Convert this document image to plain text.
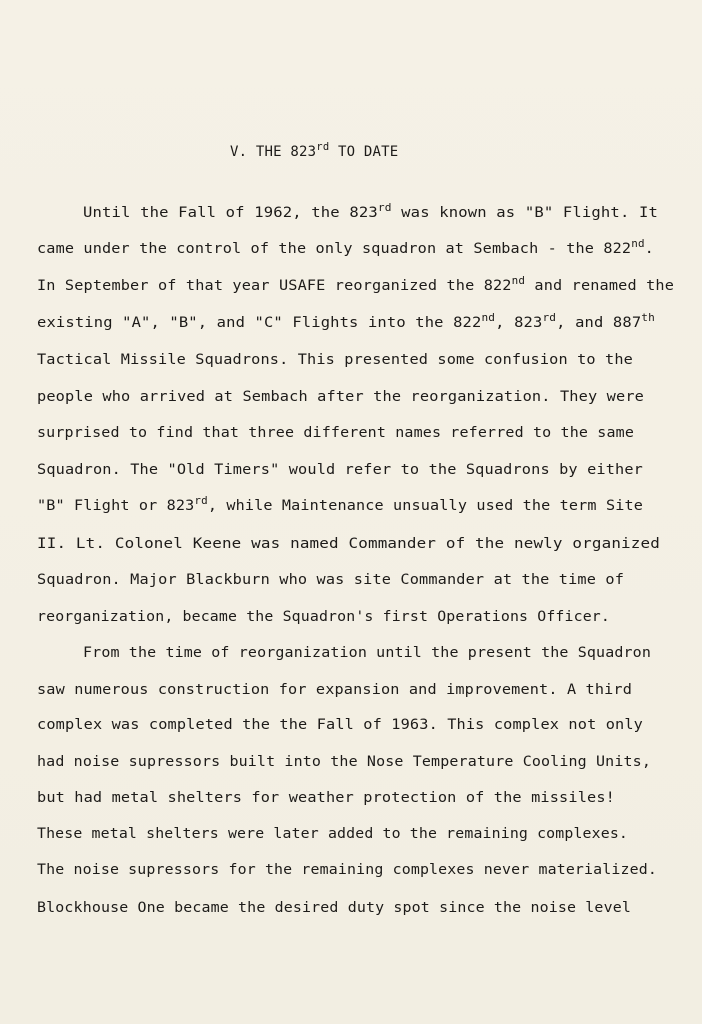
V. THE 823rd TO DATE
Until the Fall of 1962, the 823rd was known as "B" Flight. It
came under the control of the only squadron at Sembach - the 822nd.
In September of that year USAFE reorganized the 822nd and renamed the
existing "A", "B", and "C" Flights into the 822nd, 823rd, and 887th
Tactical Missile Squadrons. This presented some confusion to the
people who arrived at Sembach after the reorganization. They were
surprised to find that three different names referred to the same
Squadron. The "Old Timers" would refer to the Squadrons by either
"B" Flight or 823rd, while Maintenance unsually used the term Site
II. Lt. Colonel Keene was named Commander of the newly organized
Squadron. Major Blackburn who was site Commander at the time of
reorganization, became the Squadron's first Operations Officer.
From the time of reorganization until the present the Squadron
saw numerous construction for expansion and improvement. A third
complex was completed the the Fall of 1963. This complex not only
had noise supressors built into the Nose Temperature Cooling Units,
but had metal shelters for weather protection of the missiles!
These metal shelters were later added to the remaining complexes.
The noise supressors for the remaining complexes never materialized.
Blockhouse One became the desired duty spot since the noise level
